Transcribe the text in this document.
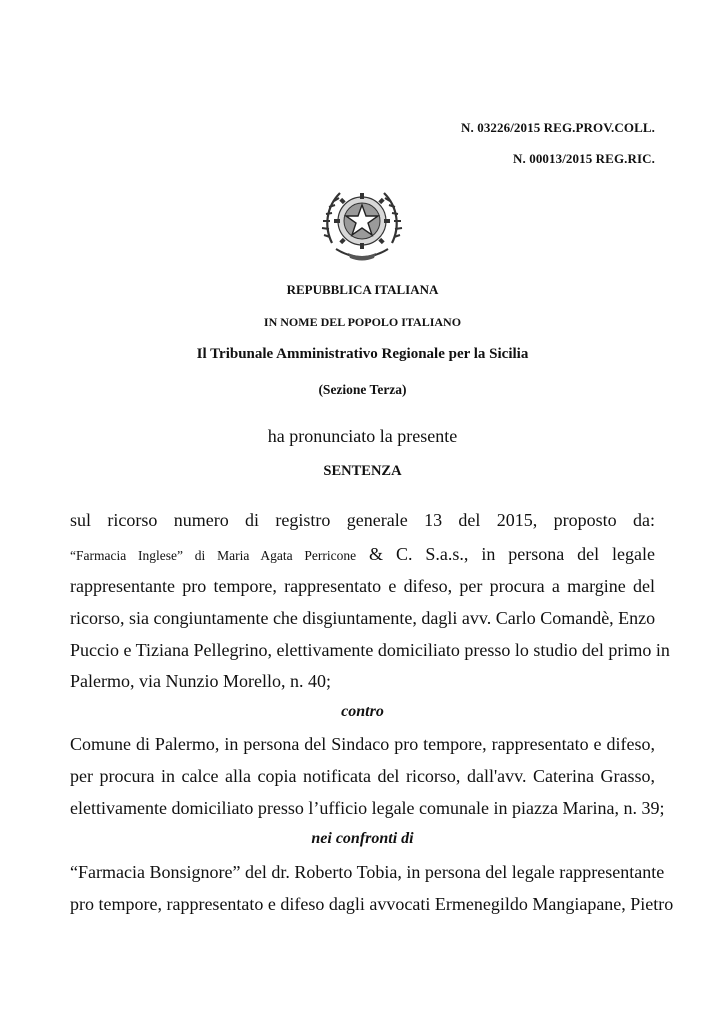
N. 03226/2015 REG.PROV.COLL.
N. 00013/2015 REG.RIC.
REPUBBLICA ITALIANA
IN NOME DEL POPOLO ITALIANO
Il Tribunale Amministrativo Regionale per la Sicilia
(Sezione Terza)
ha pronunciato la presente
SENTENZA
sul ricorso numero di registro generale 13 del 2015, proposto da:
“Farmacia Inglese” di Maria Agata Perricone & C. S.a.s., in persona del legale
rappresentante pro tempore, rappresentato e difeso, per procura a margine del
ricorso, sia congiuntamente che disgiuntamente, dagli avv. Carlo Comandè, Enzo
Puccio e Tiziana Pellegrino, elettivamente domiciliato presso lo studio del primo in
Palermo, via Nunzio Morello, n. 40;
contro
Comune di Palermo, in persona del Sindaco pro tempore, rappresentato e difeso,
per procura in calce alla copia notificata del ricorso, dall'avv. Caterina Grasso,
elettivamente domiciliato presso l’ufficio legale comunale in piazza Marina, n. 39;
nei confronti di
“Farmacia Bonsignore” del dr. Roberto Tobia, in persona del legale rappresentante
pro tempore, rappresentato e difeso dagli avvocati Ermenegildo Mangiapane, Pietro
